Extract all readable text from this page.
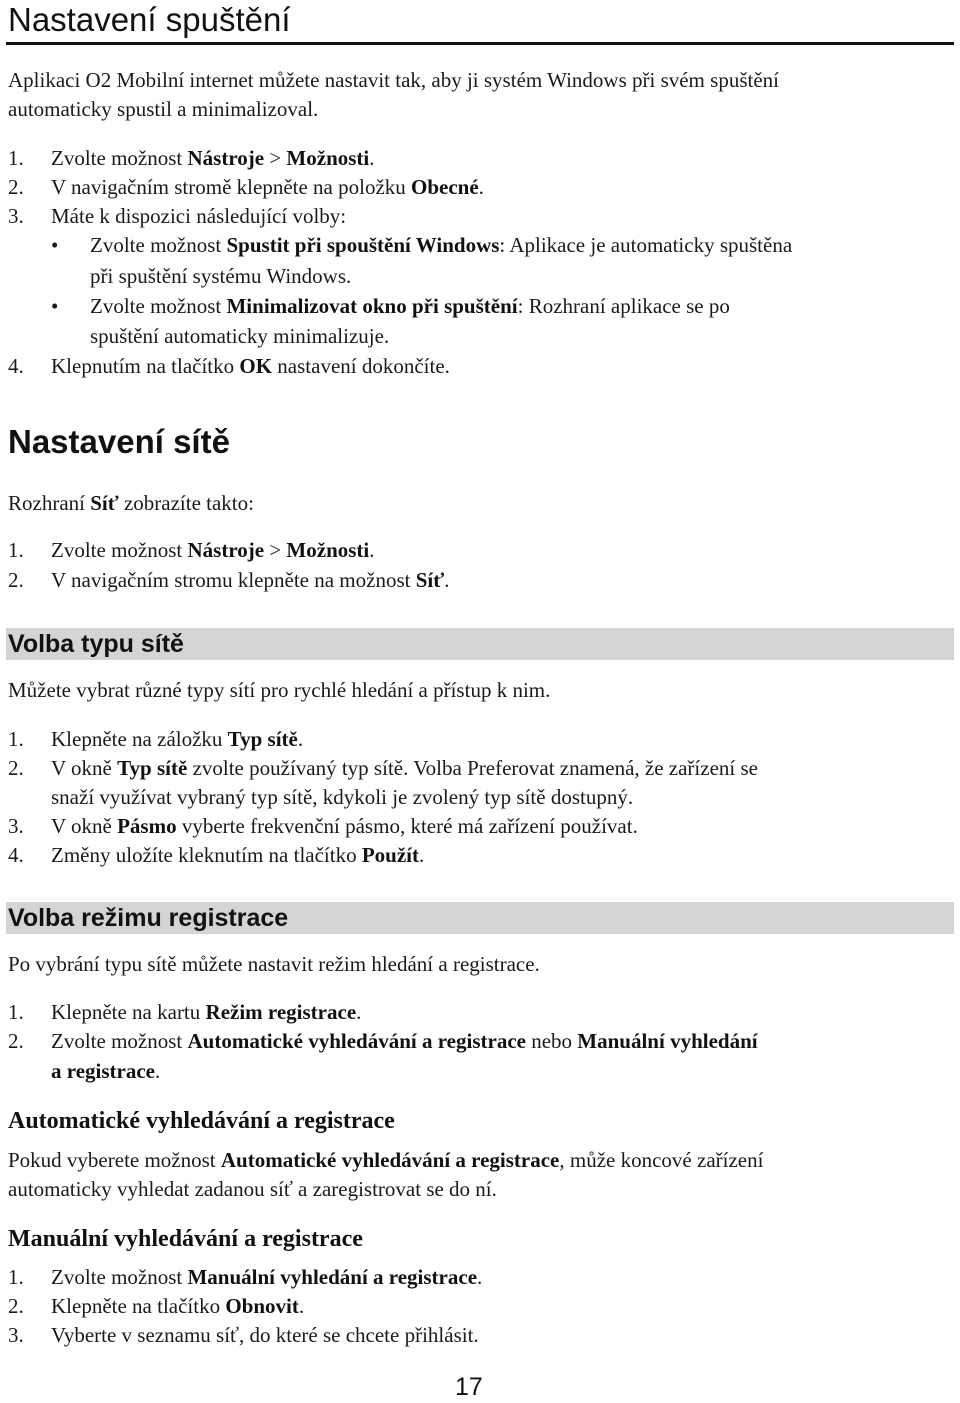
Nastavení spuštění
Aplikaci O2 Mobilní internet můžete nastavit tak, aby ji systém Windows při svém spuštění
automaticky spustil a minimalizoval.
1. Zvolte možnost Nástroje > Možnosti.
2. V navigačním stromě klepněte na položku Obecné.
3. Máte k dispozici následující volby:
• Zvolte možnost Spustit při spouštění Windows: Aplikace je automaticky spuštěna
při spuštění systému Windows.
• Zvolte možnost Minimalizovat okno při spuštění: Rozhraní aplikace se po
spuštění automaticky minimalizuje.
4. Klepnutím na tlačítko OK nastavení dokončíte.
Nastavení sítě
Rozhraní Síť zobrazíte takto:
1. Zvolte možnost Nástroje > Možnosti.
2. V navigačním stromu klepněte na možnost Síť.
Volba typu sítě
Můžete vybrat různé typy sítí pro rychlé hledání a přístup k nim.
1. Klepněte na záložku Typ sítě.
2. V okně Typ sítě zvolte používaný typ sítě. Volba Preferovat znamená, že zařízení se
snaží využívat vybraný typ sítě, kdykoli je zvolený typ sítě dostupný.
3. V okně Pásmo vyberte frekvenční pásmo, které má zařízení používat.
4. Změny uložíte kleknutím na tlačítko Použít.
Volba režimu registrace
Po vybrání typu sítě můžete nastavit režim hledání a registrace.
1. Klepněte na kartu Režim registrace.
2. Zvolte možnost Automatické vyhledávání a registrace nebo Manuální vyhledání
a registrace.
Automatické vyhledávání a registrace
Pokud vyberete možnost Automatické vyhledávání a registrace, může koncové zařízení
automaticky vyhledat zadanou síť a zaregistrovat se do ní.
Manuální vyhledávání a registrace
1. Zvolte možnost Manuální vyhledání a registrace.
2. Klepněte na tlačítko Obnovit.
3. Vyberte v seznamu síť, do které se chcete přihlásit.
17
